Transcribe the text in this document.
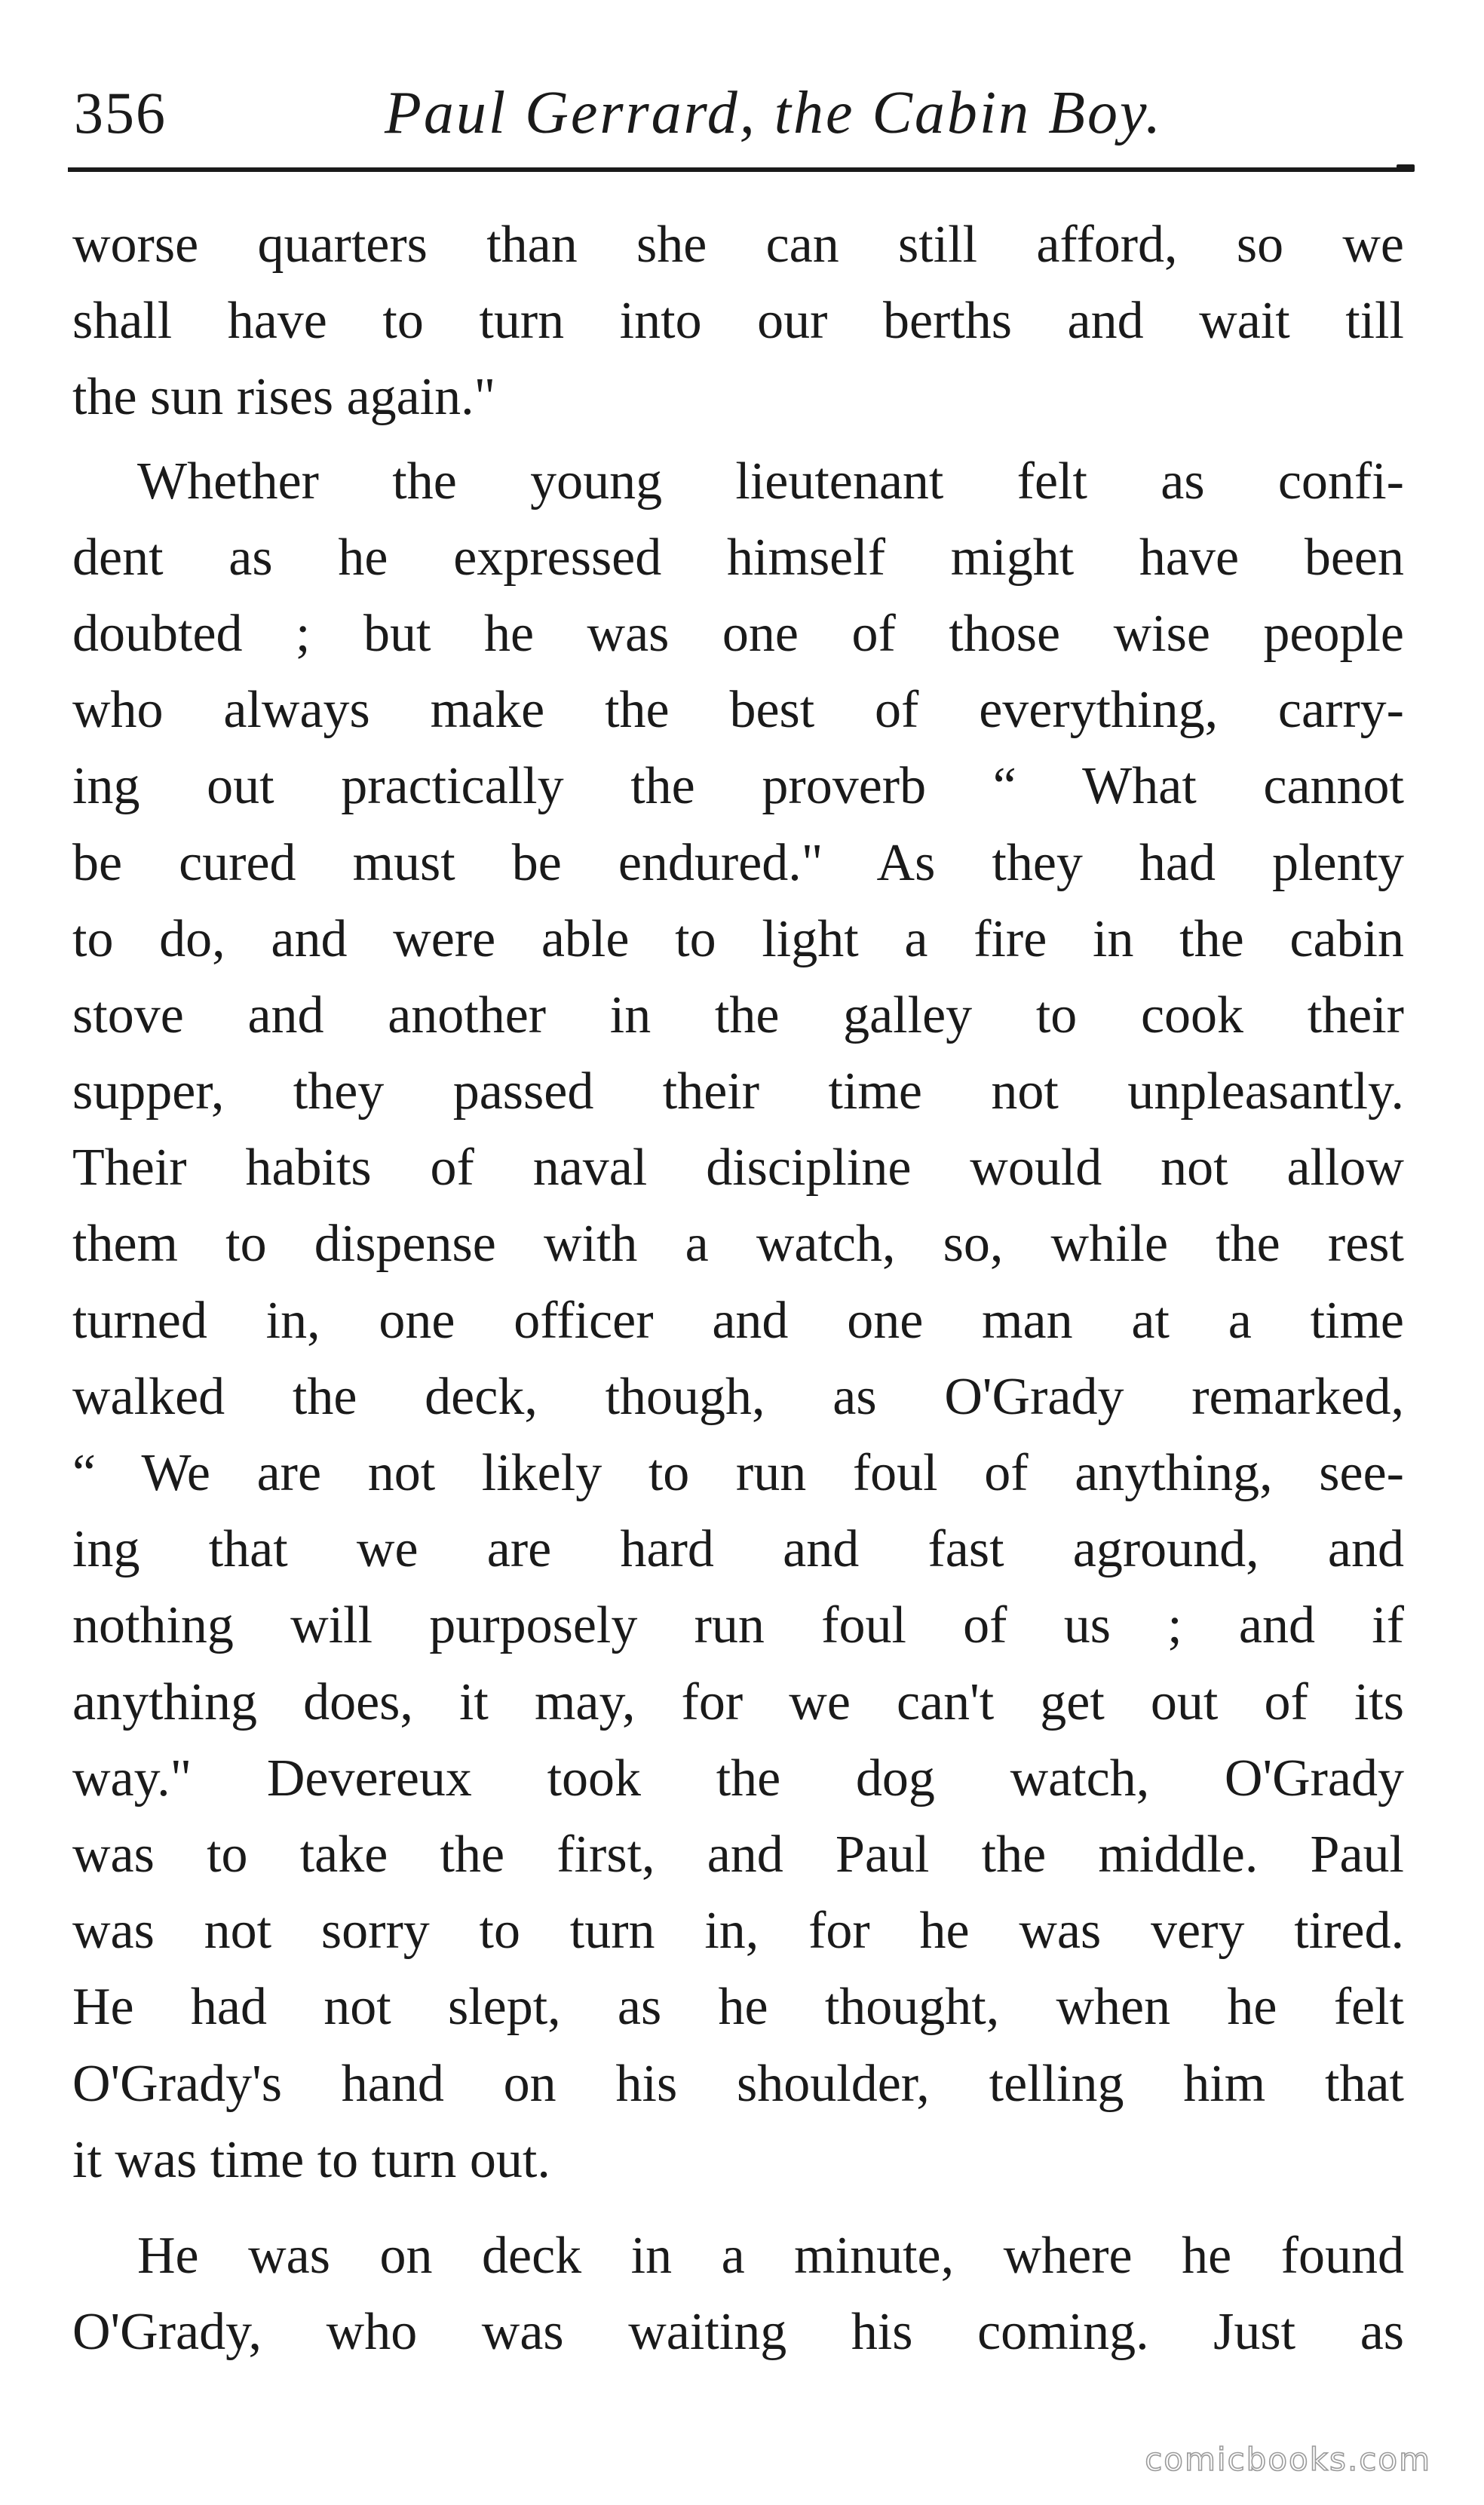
356	Paul Gerrard, the Cabin Boy.
worse quarters than she can still afford, so we
shall have to turn into our berths and wait till
the sun rises again."
Whether the young lieutenant felt as confi-
dent as he expressed himself might have been
doubted ; but he was one of those wise people
who always make the best of everything, carry-
ing out practically the proverb “ What cannot
be cured must be endured." As they had plenty
to do, and were able to light a fire in the cabin
stove and another in the galley to cook their
supper, they passed their time not unpleasantly.
Their habits of naval discipline would not allow
them to dispense with a watch, so, while the rest
turned in, one officer and one man at a time
walked the deck, though, as O'Grady remarked,
“ We are not likely to run foul of anything, see-
ing that we are hard and fast aground, and
nothing will purposely run foul of us ; and if
anything does, it may, for we can't get out of its
way." Devereux took the dog watch, O'Grady
was to take the first, and Paul the middle. Paul
was not sorry to turn in, for he was very tired.
He had not slept, as he thought, when he felt
O'Grady's hand on his shoulder, telling him that
it was time to turn out.
He was on deck in a minute, where he found
O'Grady, who was waiting his coming. Just as
comicbooks.com
